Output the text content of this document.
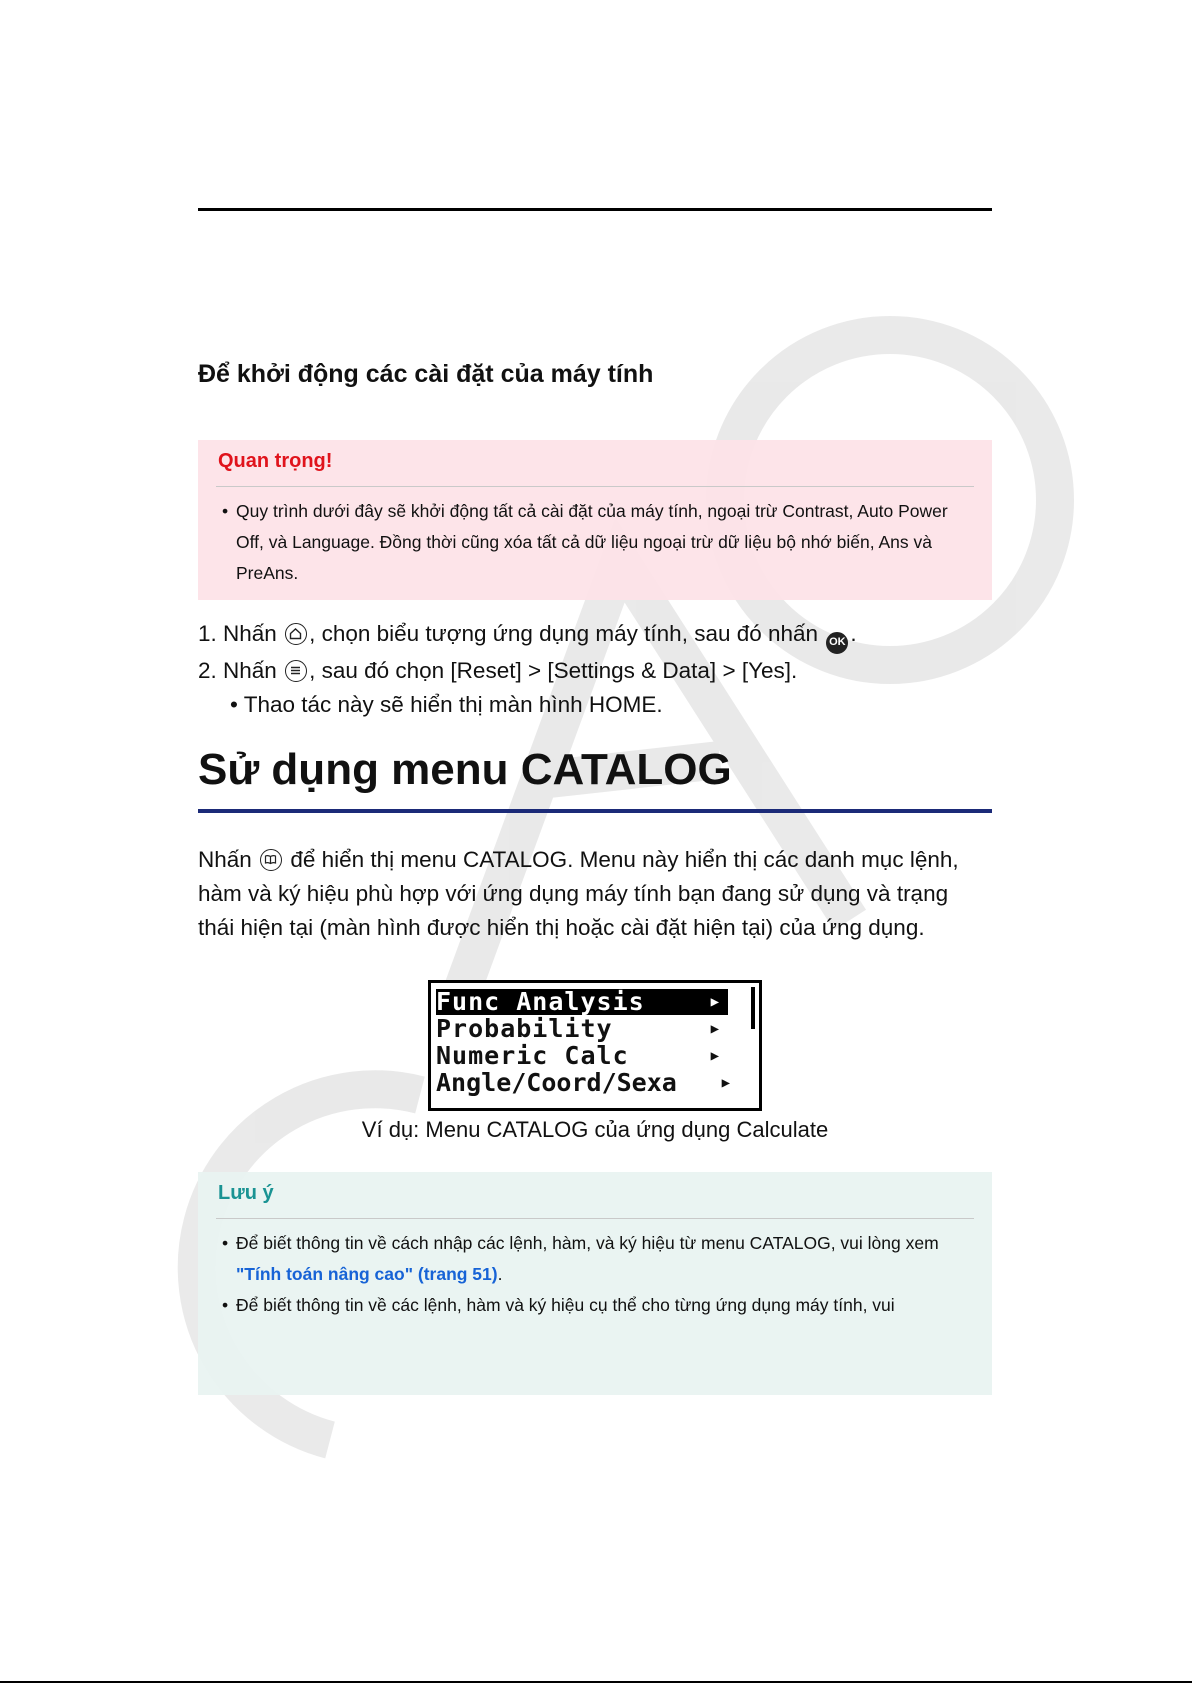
Để khởi động các cài đặt của máy tính
Quan trọng!
• Quy trình dưới đây sẽ khởi động tất cả cài đặt của máy tính, ngoại trừ Contrast, Auto Power Off, và Language. Đồng thời cũng xóa tất cả dữ liệu ngoại trừ dữ liệu bộ nhớ biến, Ans và PreAns.
1. Nhấn , chọn biểu tượng ứng dụng máy tính, sau đó nhấn OK .
2. Nhấn , sau đó chọn [Reset] > [Settings & Data] > [Yes].
• Thao tác này sẽ hiển thị màn hình HOME.
Sử dụng menu CATALOG
Nhấn để hiển thị menu CATALOG. Menu này hiển thị các danh mục lệnh, hàm và ký hiệu phù hợp với ứng dụng máy tính bạn đang sử dụng và trạng thái hiện tại (màn hình được hiển thị hoặc cài đặt hiện tại) của ứng dụng.
Func Analysis	▶
Probability	▶
Numeric Calc	▶
Angle/Coord/Sexa	▶
Ví dụ: Menu CATALOG của ứng dụng Calculate
Lưu ý
• Để biết thông tin về cách nhập các lệnh, hàm, và ký hiệu từ menu CATALOG, vui lòng xem "Tính toán nâng cao" (trang 51).
• Để biết thông tin về các lệnh, hàm và ký hiệu cụ thể cho từng ứng dụng máy tính, vui
